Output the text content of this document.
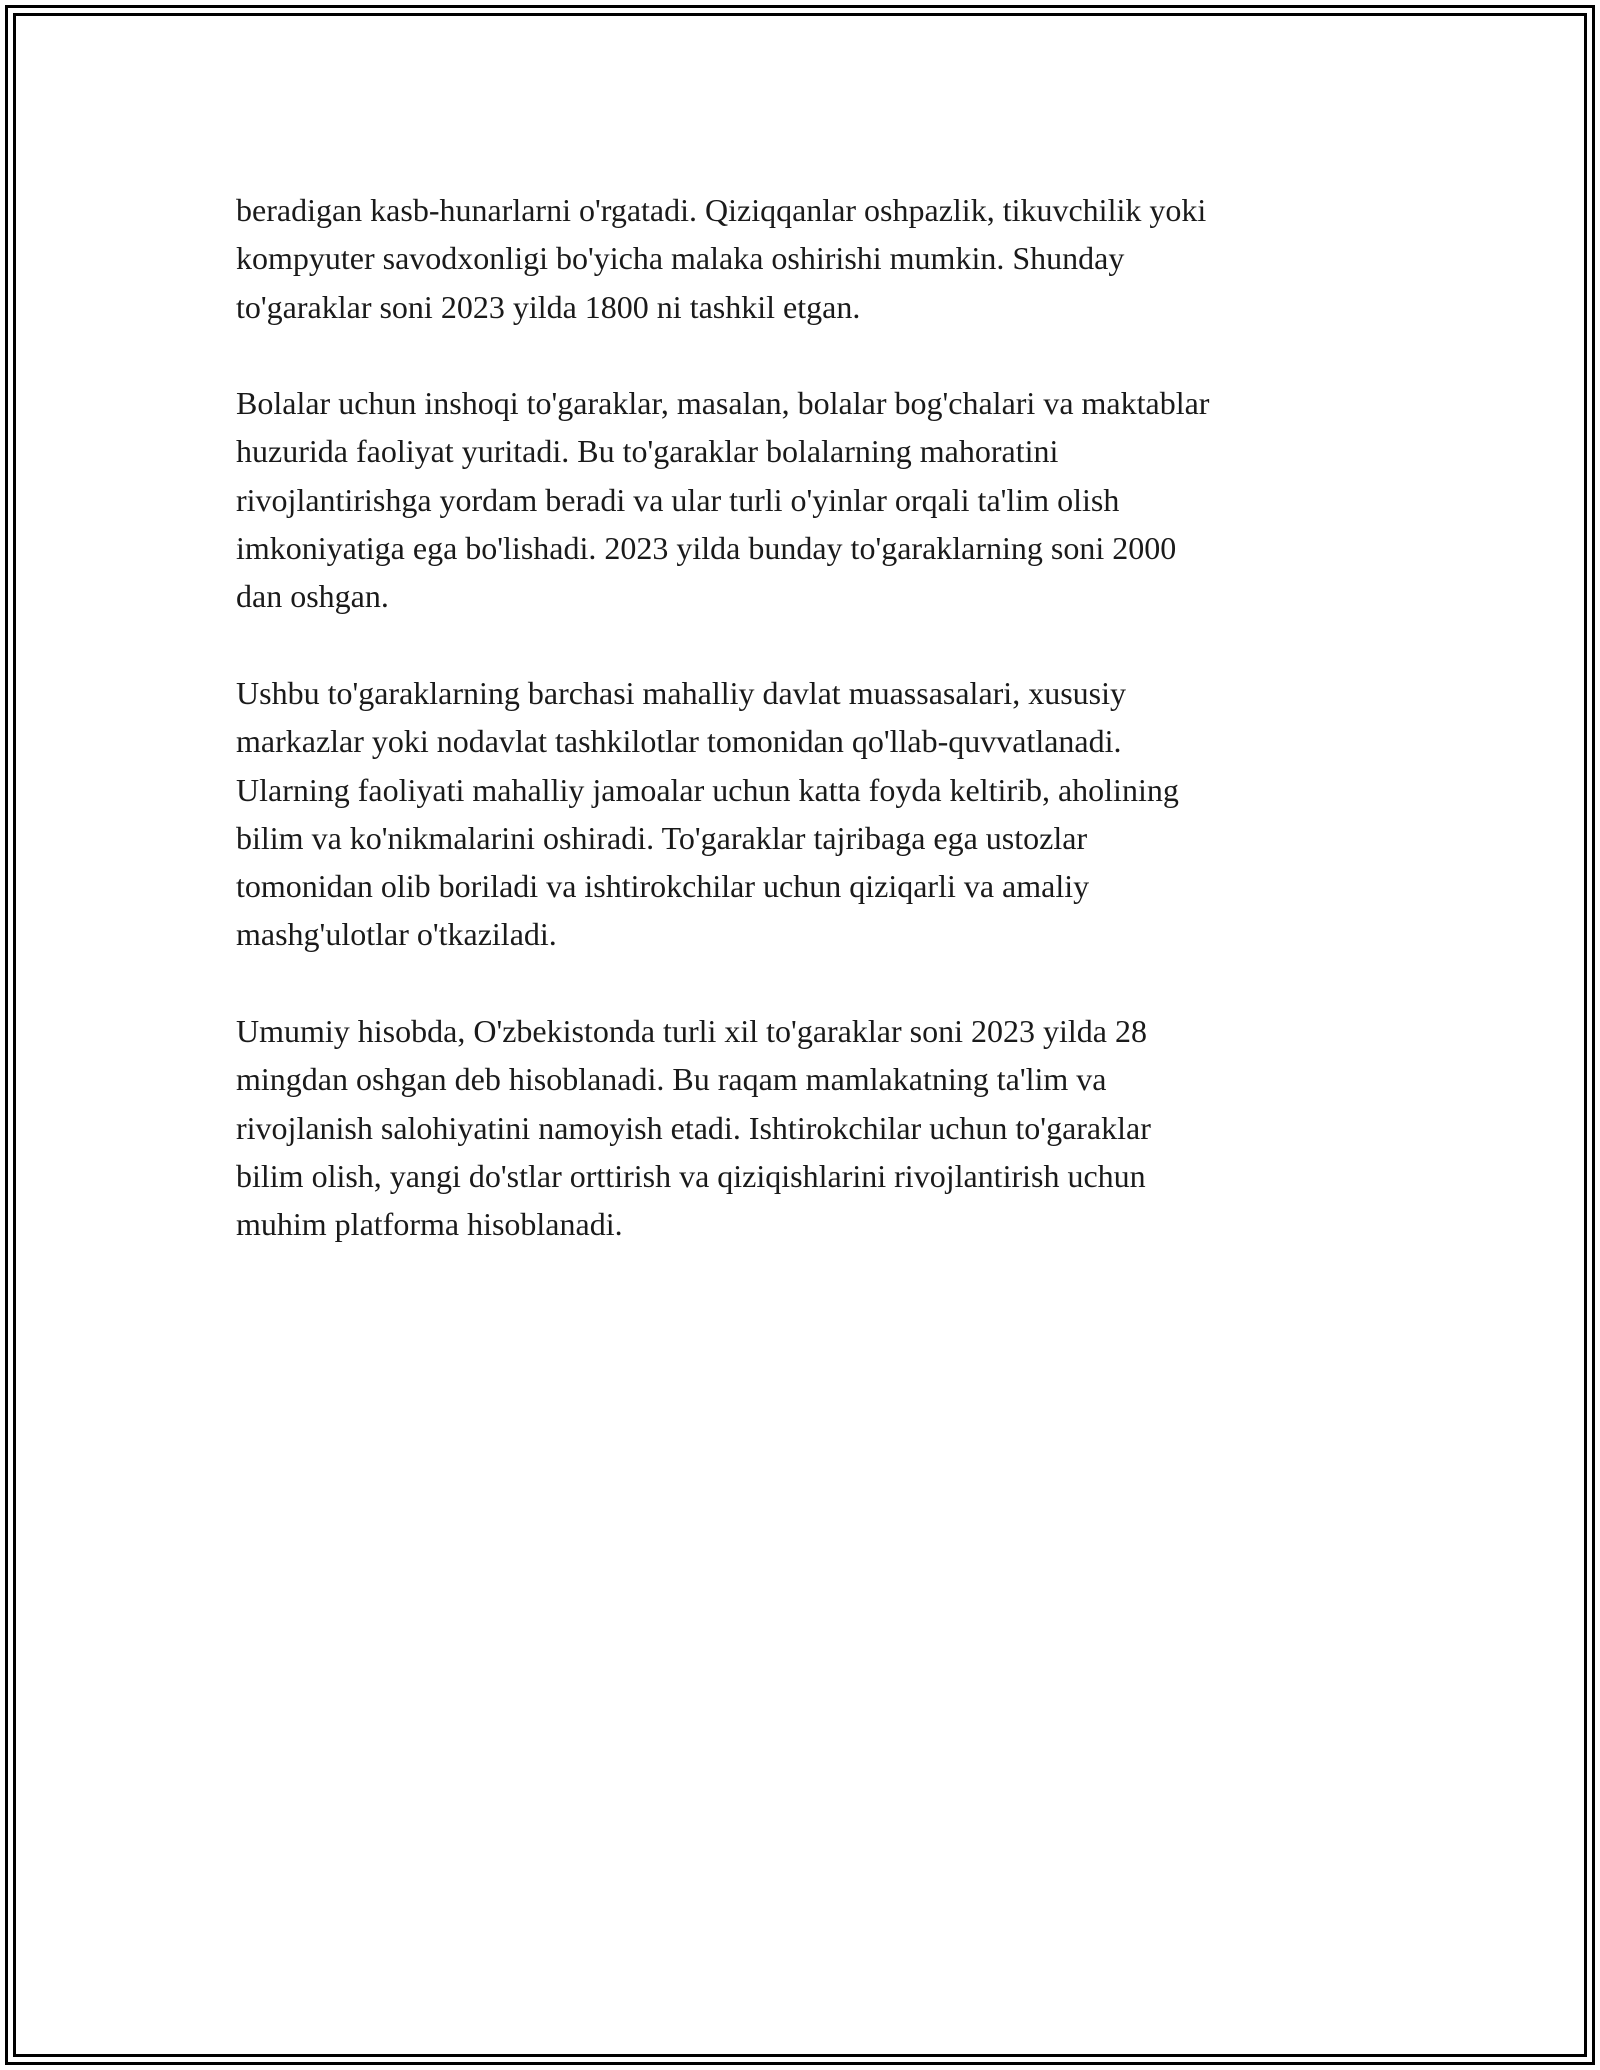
beradigan kasb-hunarlarni o'rgatadi. Qiziqqanlar oshpazlik, tikuvchilik yoki
kompyuter savodxonligi bo'yicha malaka oshirishi mumkin. Shunday
to'garaklar soni 2023 yilda 1800 ni tashkil etgan.

Bolalar uchun inshoqi to'garaklar, masalan, bolalar bog'chalari va maktablar
huzurida faoliyat yuritadi. Bu to'garaklar bolalarning mahoratini
rivojlantirishga yordam beradi va ular turli o'yinlar orqali ta'lim olish
imkoniyatiga ega bo'lishadi. 2023 yilda bunday to'garaklarning soni 2000
dan oshgan.

Ushbu to'garaklarning barchasi mahalliy davlat muassasalari, xususiy
markazlar yoki nodavlat tashkilotlar tomonidan qo'llab-quvvatlanadi.
Ularning faoliyati mahalliy jamoalar uchun katta foyda keltirib, aholining
bilim va ko'nikmalarini oshiradi. To'garaklar tajribaga ega ustozlar
tomonidan olib boriladi va ishtirokchilar uchun qiziqarli va amaliy
mashg'ulotlar o'tkaziladi.

Umumiy hisobda, O'zbekistonda turli xil to'garaklar soni 2023 yilda 28
mingdan oshgan deb hisoblanadi. Bu raqam mamlakatning ta'lim va
rivojlanish salohiyatini namoyish etadi. Ishtirokchilar uchun to'garaklar
bilim olish, yangi do'stlar orttirish va qiziqishlarini rivojlantirish uchun
muhim platforma hisoblanadi.
